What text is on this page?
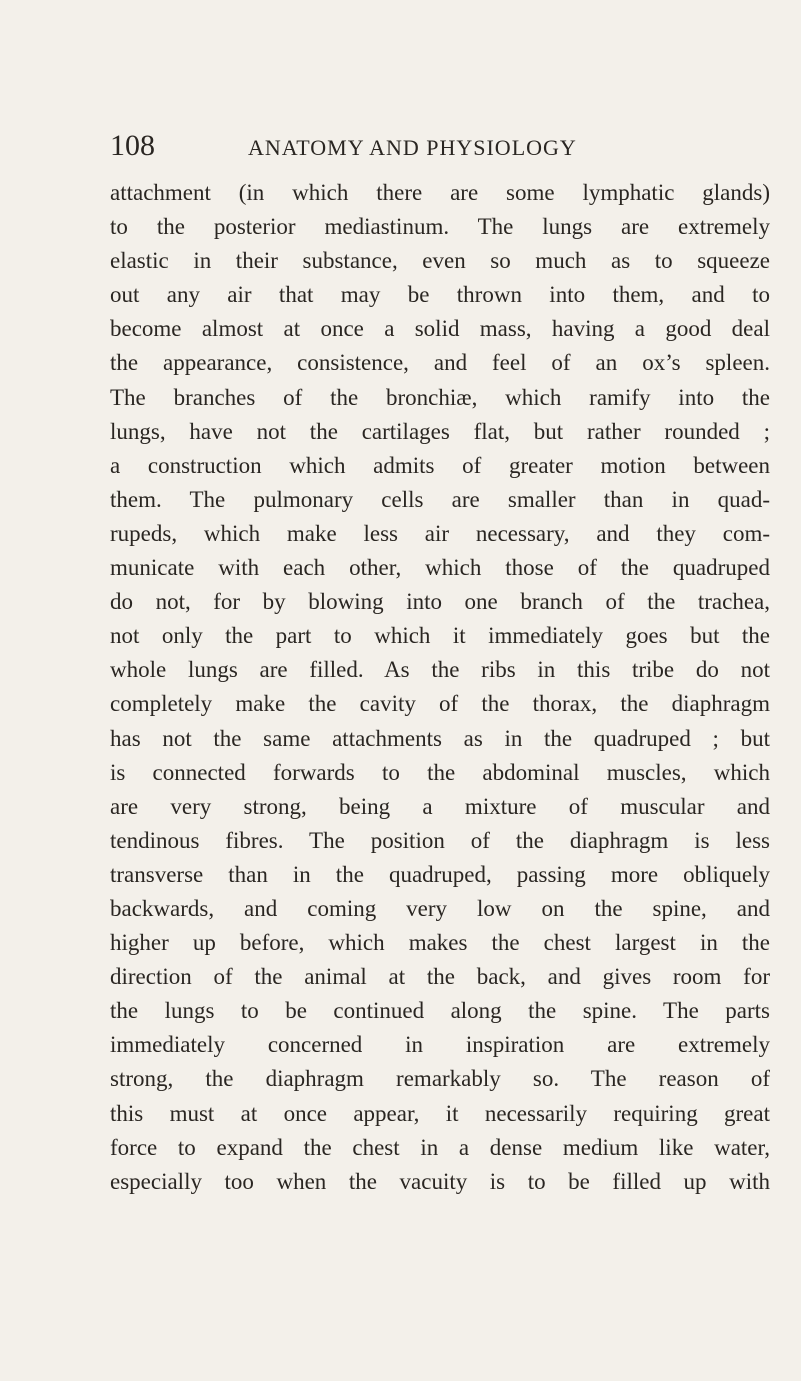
108	ANATOMY AND PHYSIOLOGY
attachment (in which there are some lymphatic glands)
to the posterior mediastinum. The lungs are extremely
elastic in their substance, even so much as to squeeze
out any air that may be thrown into them, and to
become almost at once a solid mass, having a good deal
the appearance, consistence, and feel of an ox’s spleen.
The branches of the bronchiæ, which ramify into the
lungs, have not the cartilages flat, but rather rounded ;
a construction which admits of greater motion between
them. The pulmonary cells are smaller than in quad-
rupeds, which make less air necessary, and they com-
municate with each other, which those of the quadruped
do not, for by blowing into one branch of the trachea,
not only the part to which it immediately goes but the
whole lungs are filled. As the ribs in this tribe do not
completely make the cavity of the thorax, the diaphragm
has not the same attachments as in the quadruped ; but
is connected forwards to the abdominal muscles, which
are very strong, being a mixture of muscular and
tendinous fibres. The position of the diaphragm is less
transverse than in the quadruped, passing more obliquely
backwards, and coming very low on the spine, and
higher up before, which makes the chest largest in the
direction of the animal at the back, and gives room for
the lungs to be continued along the spine. The parts
immediately concerned in inspiration are extremely
strong, the diaphragm remarkably so. The reason of
this must at once appear, it necessarily requiring great
force to expand the chest in a dense medium like water,
especially too when the vacuity is to be filled up with
